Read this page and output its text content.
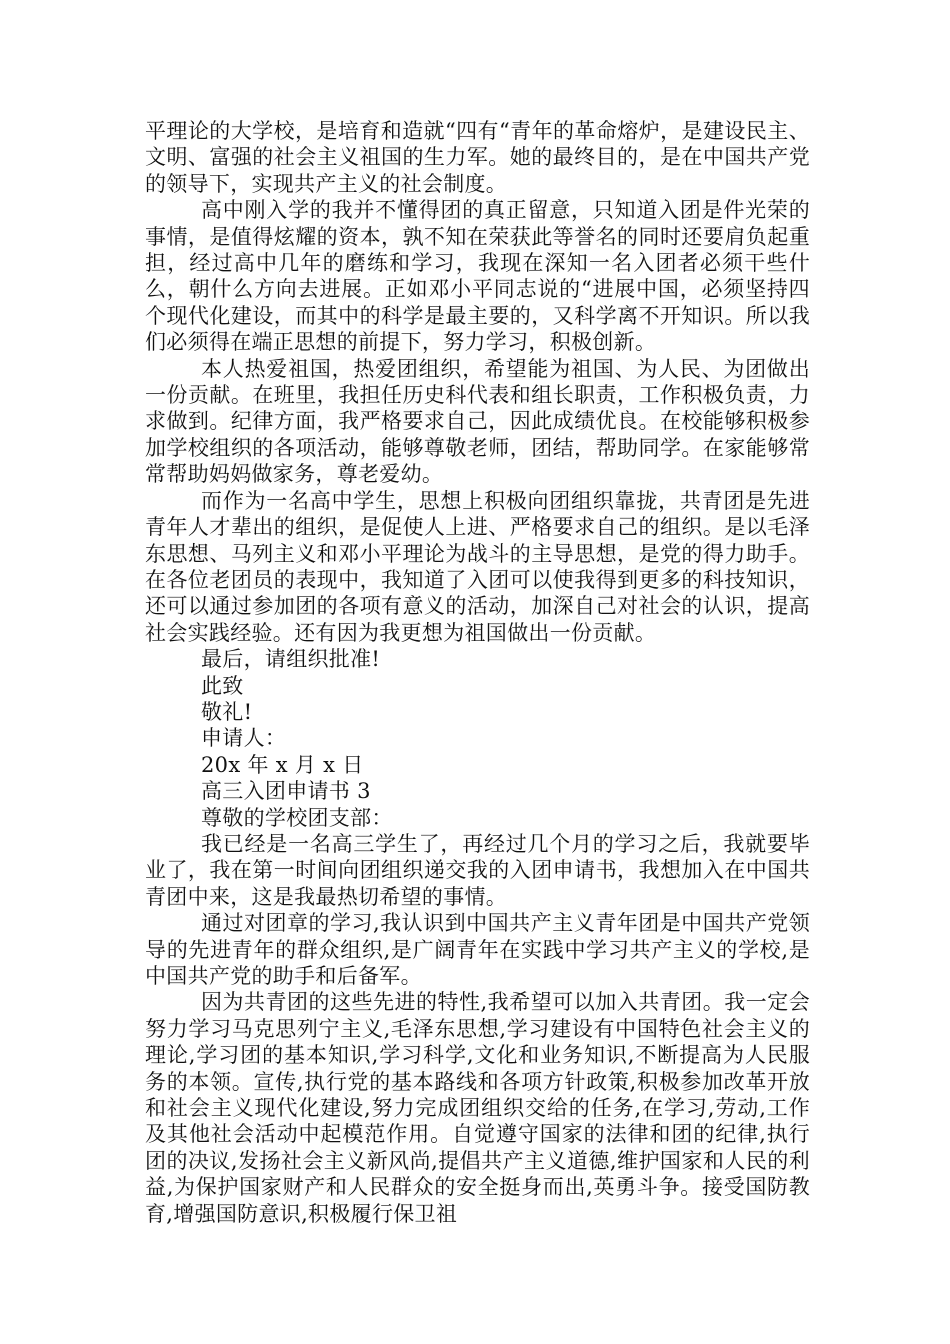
平理论的大学校，是培育和造就“四有“青年的革命熔炉，是建设民主、文明、富强的社会主义祖国的生力军。她的最终目的，是在中国共产党的领导下，实现共产主义的社会制度。

高中刚入学的我并不懂得团的真正留意，只知道入团是件光荣的事情，是值得炫耀的资本，孰不知在荣获此等誉名的同时还要肩负起重担，经过高中几年的磨练和学习，我现在深知一名入团者必须干些什么，朝什么方向去进展。正如邓小平同志说的“进展中国，必须坚持四个现代化建设，而其中的科学是最主要的，又科学离不开知识。所以我们必须得在端正思想的前提下，努力学习，积极创新。

本人热爱祖国，热爱团组织，希望能为祖国、为人民、为团做出一份贡献。在班里，我担任历史科代表和组长职责，工作积极负责，力求做到。纪律方面，我严格要求自己，因此成绩优良。在校能够积极参加学校组织的各项活动，能够尊敬老师，团结，帮助同学。在家能够常常帮助妈妈做家务，尊老爱幼。

而作为一名高中学生，思想上积极向团组织靠拢，共青团是先进青年人才辈出的组织，是促使人上进、严格要求自己的组织。是以毛泽东思想、马列主义和邓小平理论为战斗的主导思想，是党的得力助手。在各位老团员的表现中，我知道了入团可以使我得到更多的科技知识，还可以通过参加团的各项有意义的活动，加深自己对社会的认识，提高社会实践经验。还有因为我更想为祖国做出一份贡献。

最后，请组织批准!

此致

敬礼!

申请人：

20x 年 x 月 x 日

高三入团申请书 3

尊敬的学校团支部：

我已经是一名高三学生了，再经过几个月的学习之后，我就要毕业了，我在第一时间向团组织递交我的入团申请书，我想加入在中国共青团中来，这是我最热切希望的事情。

通过对团章的学习,我认识到中国共产主义青年团是中国共产党领导的先进青年的群众组织,是广阔青年在实践中学习共产主义的学校,是中国共产党的助手和后备军。

因为共青团的这些先进的特性,我希望可以加入共青团。我一定会努力学习马克思列宁主义,毛泽东思想,学习建设有中国特色社会主义的理论,学习团的基本知识,学习科学,文化和业务知识,不断提高为人民服务的本领。宣传,执行党的基本路线和各项方针政策,积极参加改革开放和社会主义现代化建设,努力完成团组织交给的任务,在学习,劳动,工作及其他社会活动中起模范作用。自觉遵守国家的法律和团的纪律,执行团的决议,发扬社会主义新风尚,提倡共产主义道德,维护国家和人民的利益,为保护国家财产和人民群众的安全挺身而出,英勇斗争。接受国防教育,增强国防意识,积极履行保卫祖
